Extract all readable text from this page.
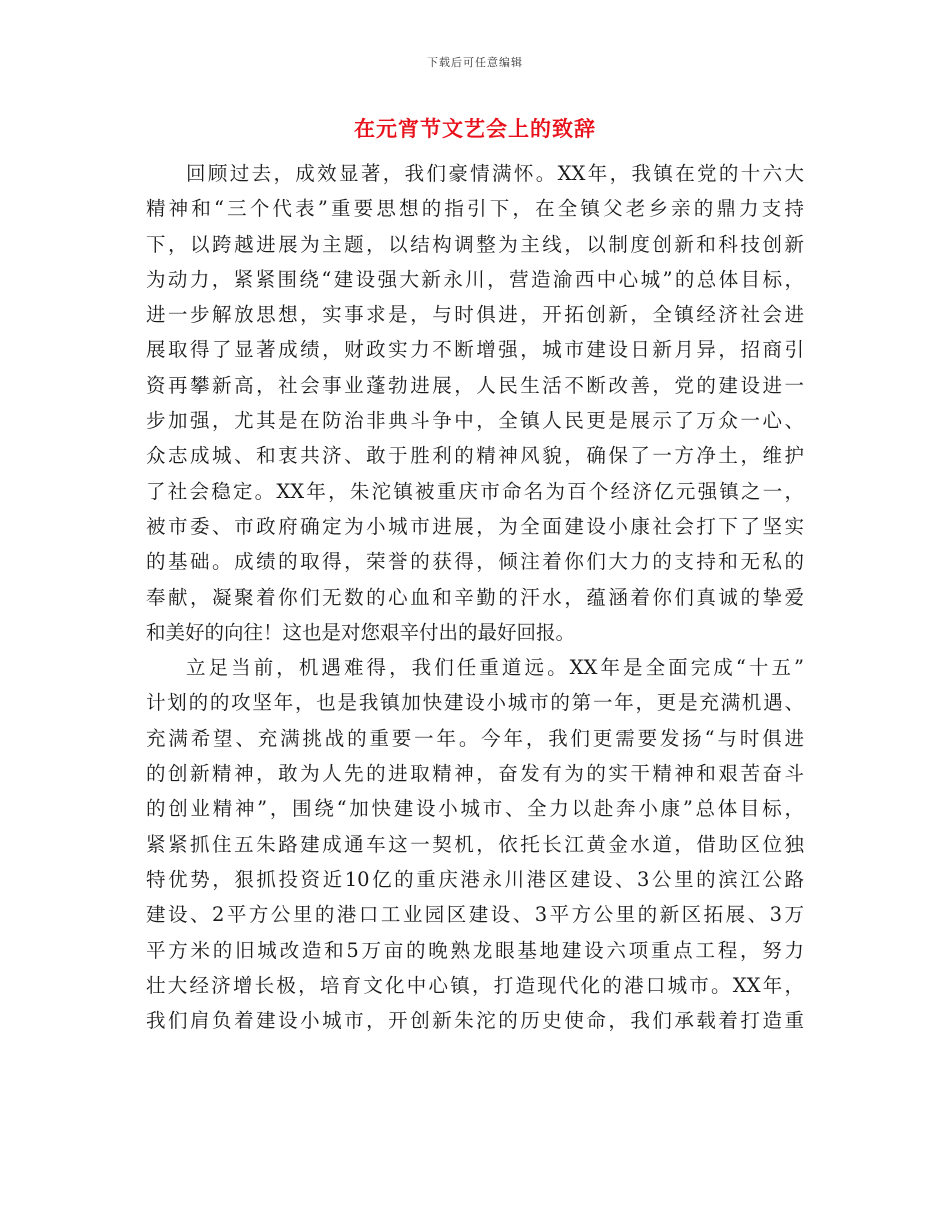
下载后可任意编辑
在元宵节文艺会上的致辞
回顾过去，成效显著，我们豪情满怀。XX年，我镇在党的十六大
精神和“三个代表”重要思想的指引下，在全镇父老乡亲的鼎力支持
下，以跨越进展为主题，以结构调整为主线，以制度创新和科技创新
为动力，紧紧围绕“建设强大新永川，营造渝西中心城”的总体目标，
进一步解放思想，实事求是，与时俱进，开拓创新，全镇经济社会进
展取得了显著成绩，财政实力不断增强，城市建设日新月异，招商引
资再攀新高，社会事业蓬勃进展，人民生活不断改善，党的建设进一
步加强，尤其是在防治非典斗争中，全镇人民更是展示了万众一心、
众志成城、和衷共济、敢于胜利的精神风貌，确保了一方净土，维护
了社会稳定。XX年，朱沱镇被重庆市命名为百个经济亿元强镇之一，
被市委、市政府确定为小城市进展，为全面建设小康社会打下了坚实
的基础。成绩的取得，荣誉的获得，倾注着你们大力的支持和无私的
奉献，凝聚着你们无数的心血和辛勤的汗水，蕴涵着你们真诚的挚爱
和美好的向往！这也是对您艰辛付出的最好回报。
立足当前，机遇难得，我们任重道远。XX年是全面完成“十五”
计划的的攻坚年，也是我镇加快建设小城市的第一年，更是充满机遇、
充满希望、充满挑战的重要一年。今年，我们更需要发扬“与时俱进
的创新精神，敢为人先的进取精神，奋发有为的实干精神和艰苦奋斗
的创业精神”，围绕“加快建设小城市、全力以赴奔小康”总体目标，
紧紧抓住五朱路建成通车这一契机，依托长江黄金水道，借助区位独
特优势，狠抓投资近10亿的重庆港永川港区建设、3公里的滨江公路
建设、2平方公里的港口工业园区建设、3平方公里的新区拓展、3万
平方米的旧城改造和5万亩的晚熟龙眼基地建设六项重点工程，努力
壮大经济增长极，培育文化中心镇，打造现代化的港口城市。XX年，
我们肩负着建设小城市，开创新朱沱的历史使命，我们承载着打造重
